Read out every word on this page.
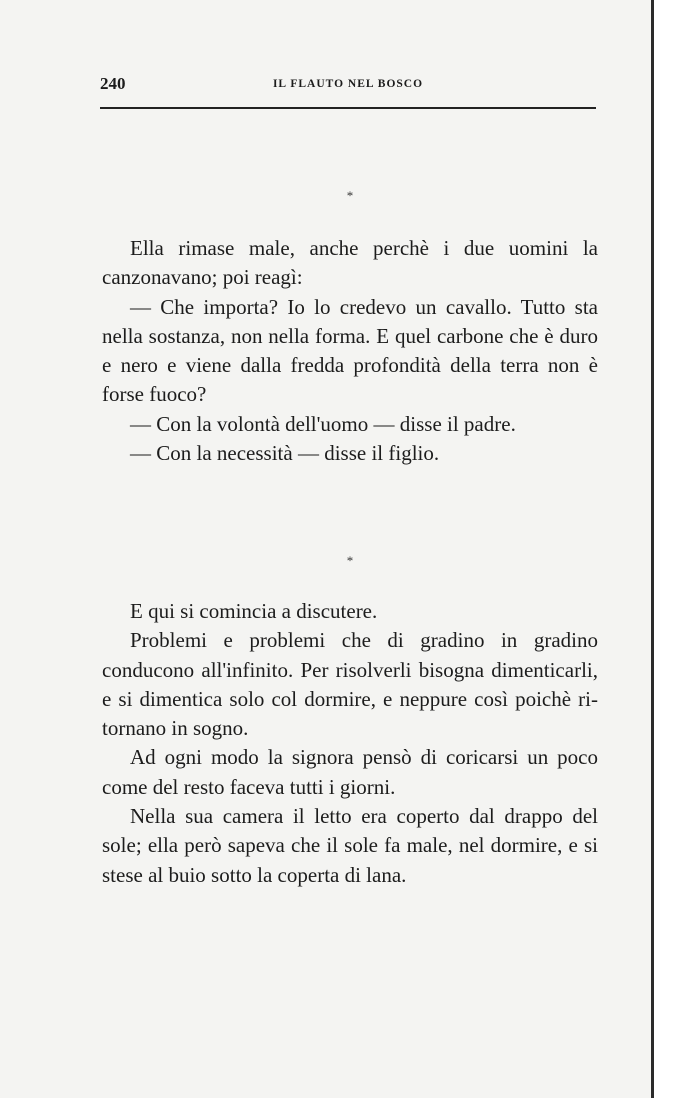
240	IL FLAUTO NEL BOSCO
*

Ella rimase male, anche perchè i due uomini la canzonavano; poi reagì:

— Che importa? Io lo credevo un cavallo. Tutto sta nella sostanza, non nella forma. E quel carbone che è duro e nero e viene dalla fredda profondità della terra non è forse fuoco?

— Con la volontà dell'uomo — disse il padre.

— Con la necessità — disse il figlio.

*

E qui si comincia a discutere.

Problemi e problemi che di gradino in gradino conducono all'infinito. Per risolverli bisogna dimenticarli, e si dimentica solo col dormire, e neppure così poichè ritornano in sogno.

Ad ogni modo la signora pensò di coricarsi un poco come del resto faceva tutti i giorni.

Nella sua camera il letto era coperto dal drappo del sole; ella però sapeva che il sole fa male, nel dormire, e si stese al buio sotto la coperta di lana.
